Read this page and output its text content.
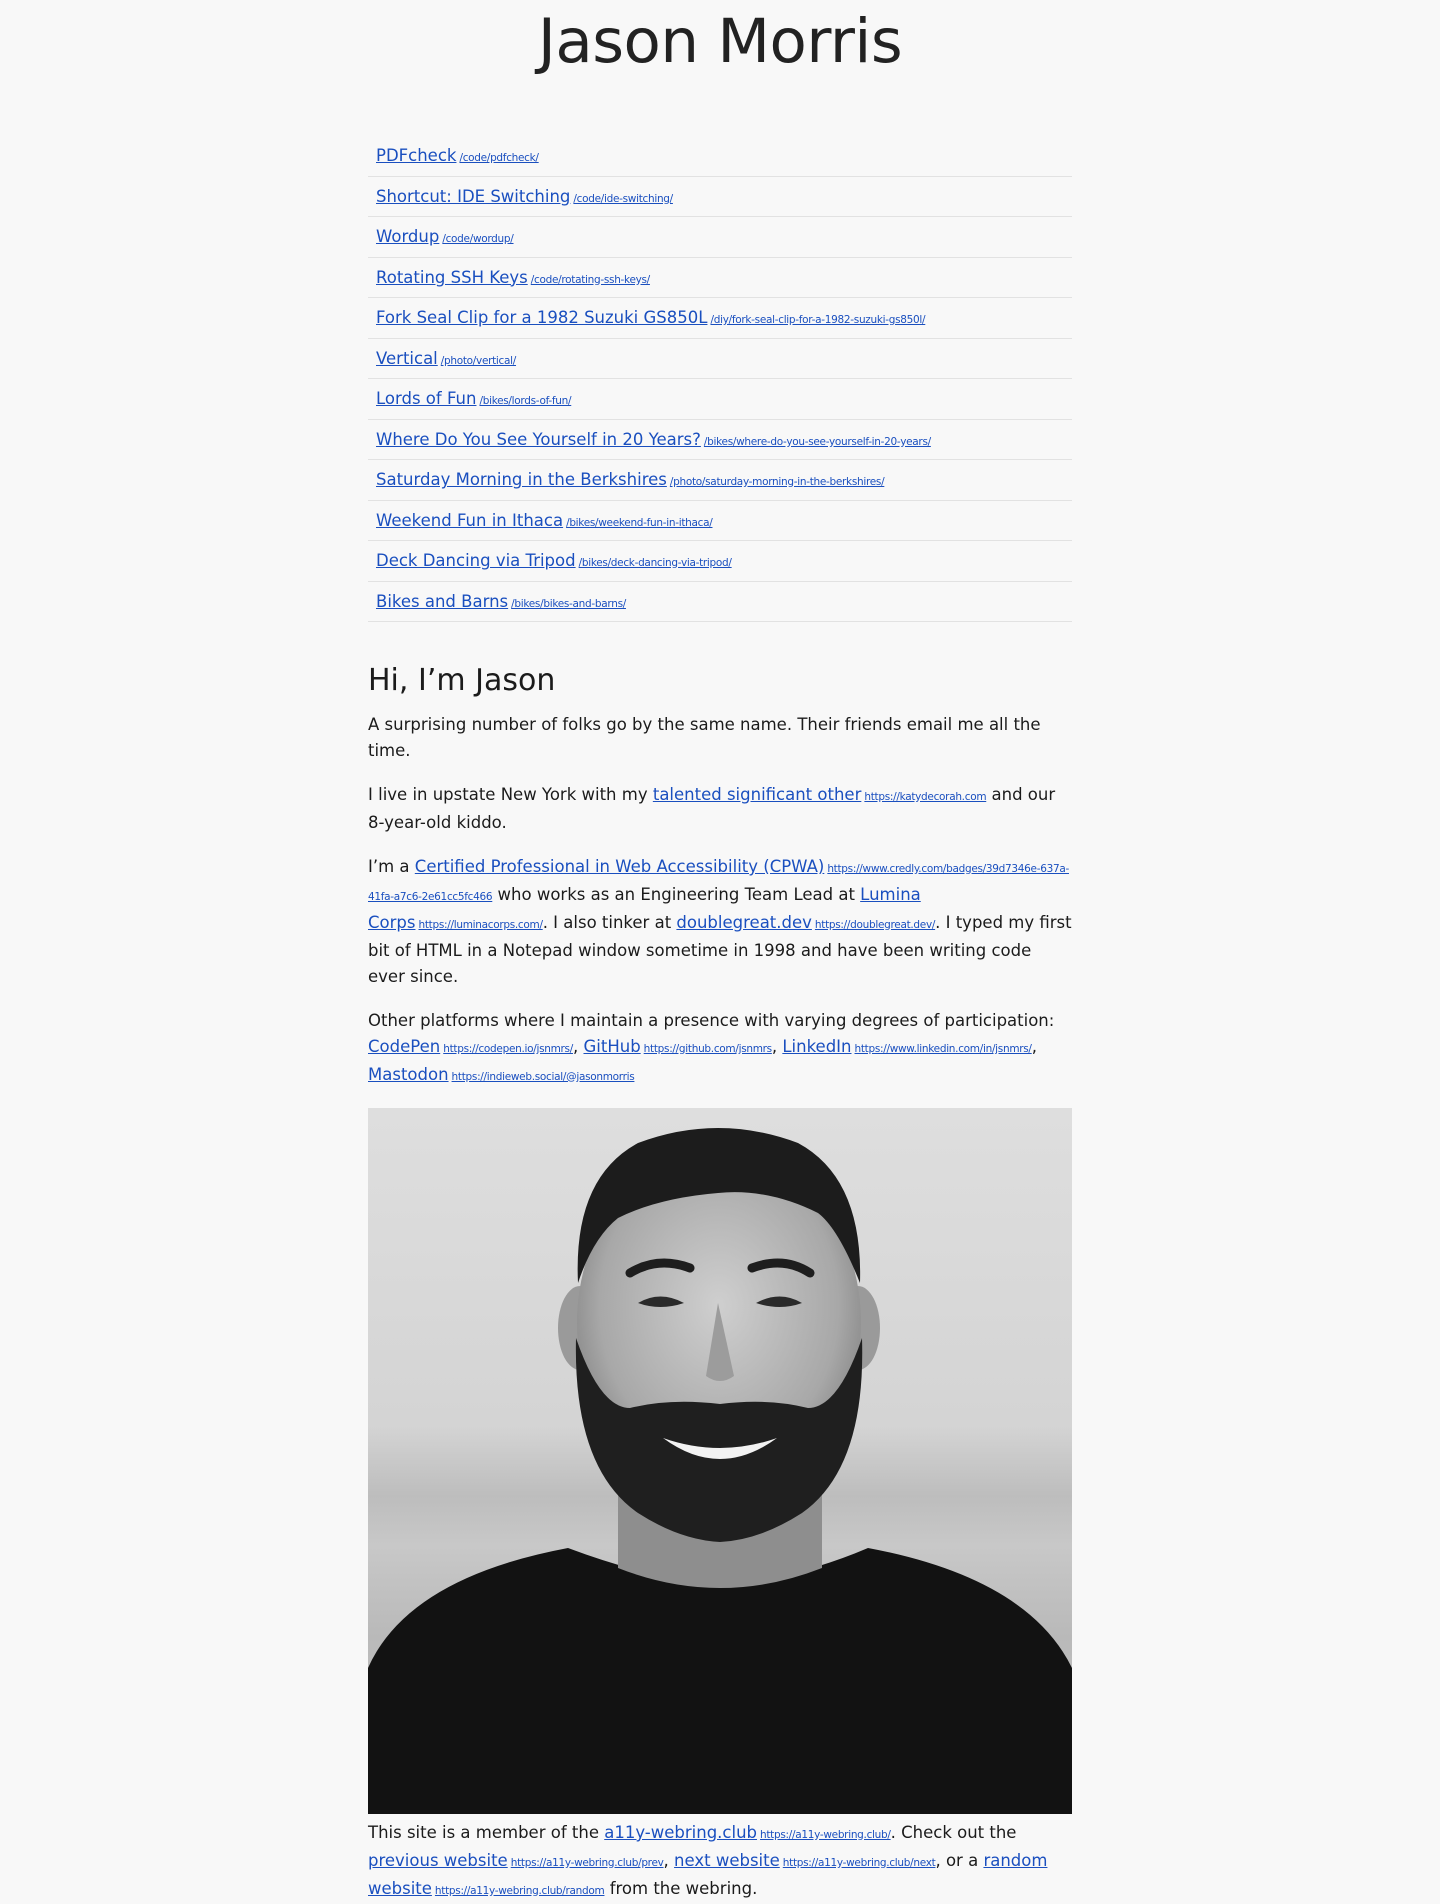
Jason Morris
PDFcheck /code/pdfcheck/
Shortcut: IDE Switching /code/ide-switching/
Wordup /code/wordup/
Rotating SSH Keys /code/rotating-ssh-keys/
Fork Seal Clip for a 1982 Suzuki GS850L /diy/fork-seal-clip-for-a-1982-suzuki-gs850l/
Vertical /photo/vertical/
Lords of Fun /bikes/lords-of-fun/
Where Do You See Yourself in 20 Years? /bikes/where-do-you-see-yourself-in-20-years/
Saturday Morning in the Berkshires /photo/saturday-morning-in-the-berkshires/
Weekend Fun in Ithaca /bikes/weekend-fun-in-ithaca/
Deck Dancing via Tripod /bikes/deck-dancing-via-tripod/
Bikes and Barns /bikes/bikes-and-barns/
Hi, I’m Jason

A surprising number of folks go by the same name. Their friends email me all the time.

I live in upstate New York with my talented significant other https://katydecorah.com and our 8-year-old kiddo.

I’m a Certified Professional in Web Accessibility (CPWA) https://www.credly.com/badges/39d7346e-637a-41fa-a7c6-2e61cc5fc466 who works as an Engineering Team Lead at Lumina Corps https://luminacorps.com/. I also tinker at doublegreat.dev https://doublegreat.dev/. I typed my first bit of HTML in a Notepad window sometime in 1998 and have been writing code ever since.

Other platforms where I maintain a presence with varying degrees of participation: CodePen https://codepen.io/jsnmrs/, GitHub https://github.com/jsnmrs, LinkedIn https://www.linkedin.com/in/jsnmrs/, Mastodon https://indieweb.social/@jasonmorris

This site is a member of the a11y-webring.club https://a11y-webring.club/. Check out the previous website https://a11y-webring.club/prev, next website https://a11y-webring.club/next, or a random website https://a11y-webring.club/random from the webring.
